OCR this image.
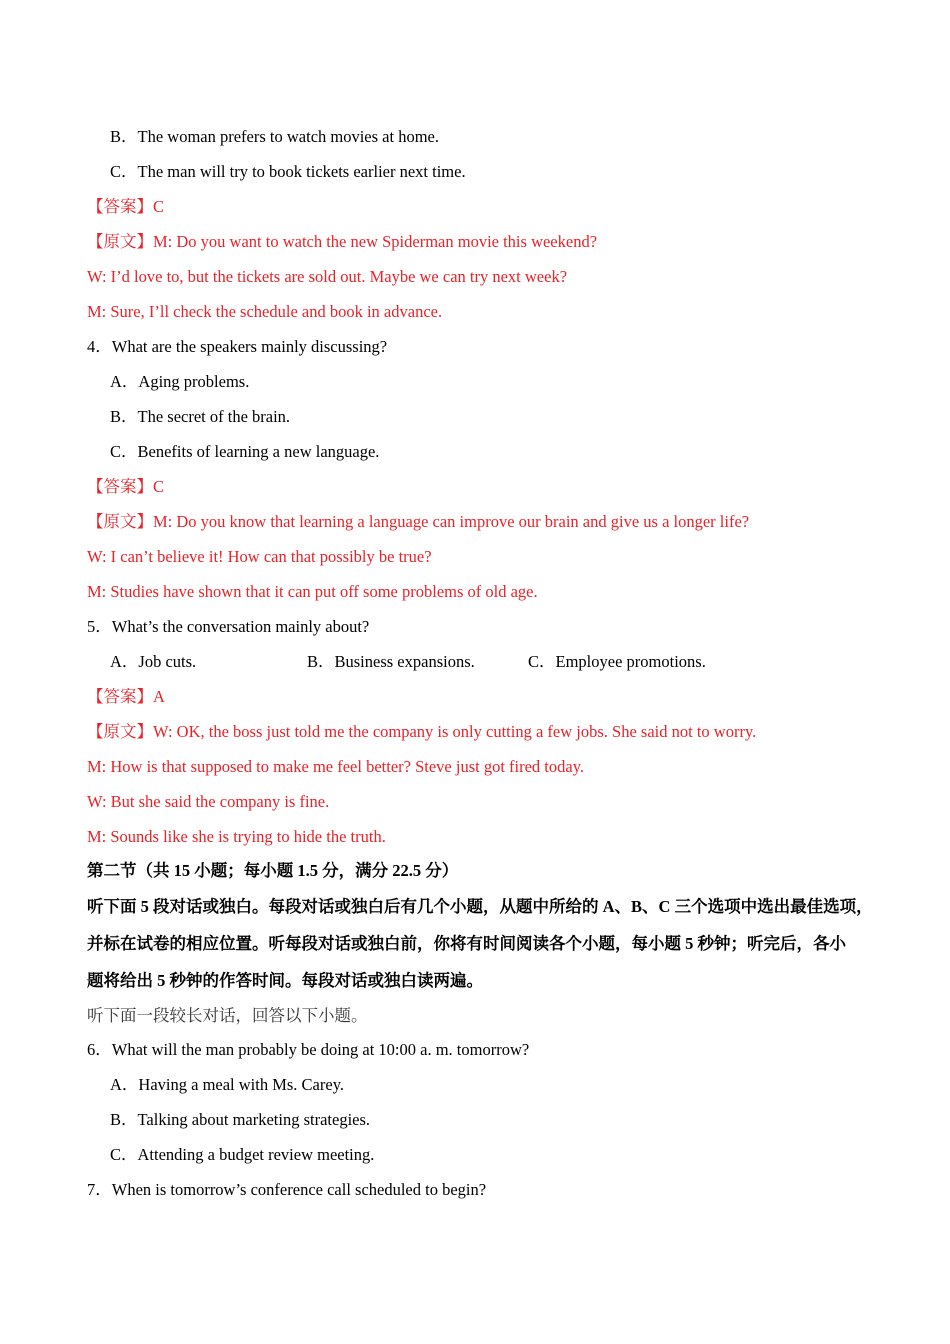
B．The woman prefers to watch movies at home.
C．The man will try to book tickets earlier next time.
【答案】C
【原文】M: Do you want to watch the new Spiderman movie this weekend?
W: I’d love to, but the tickets are sold out. Maybe we can try next week?
M: Sure, I’ll check the schedule and book in advance.
4．What are the speakers mainly discussing?
A．Aging problems.
B．The secret of the brain.
C．Benefits of learning a new language.
【答案】C
【原文】M: Do you know that learning a language can improve our brain and give us a longer life?
W: I can’t believe it! How can that possibly be true?
M: Studies have shown that it can put off some problems of old age.
5．What’s the conversation mainly about?
A．Job cuts.	B．Business expansions.	C．Employee promotions.
【答案】A
【原文】W: OK, the boss just told me the company is only cutting a few jobs. She said not to worry.
M: How is that supposed to make me feel better? Steve just got fired today.
W: But she said the company is fine.
M: Sounds like she is trying to hide the truth.
第二节（共 15 小题；每小题 1.5 分，满分 22.5 分）
听下面 5 段对话或独白。每段对话或独白后有几个小题，从题中所给的 A、B、C 三个选项中选出最佳选项，
并标在试卷的相应位置。听每段对话或独白前，你将有时间阅读各个小题，每小题 5 秒钟；听完后，各小
题将给出 5 秒钟的作答时间。每段对话或独白读两遍。
听下面一段较长对话，回答以下小题。
6．What will the man probably be doing at 10:00 a. m. tomorrow?
A．Having a meal with Ms. Carey.
B．Talking about marketing strategies.
C．Attending a budget review meeting.
7．When is tomorrow’s conference call scheduled to begin?
